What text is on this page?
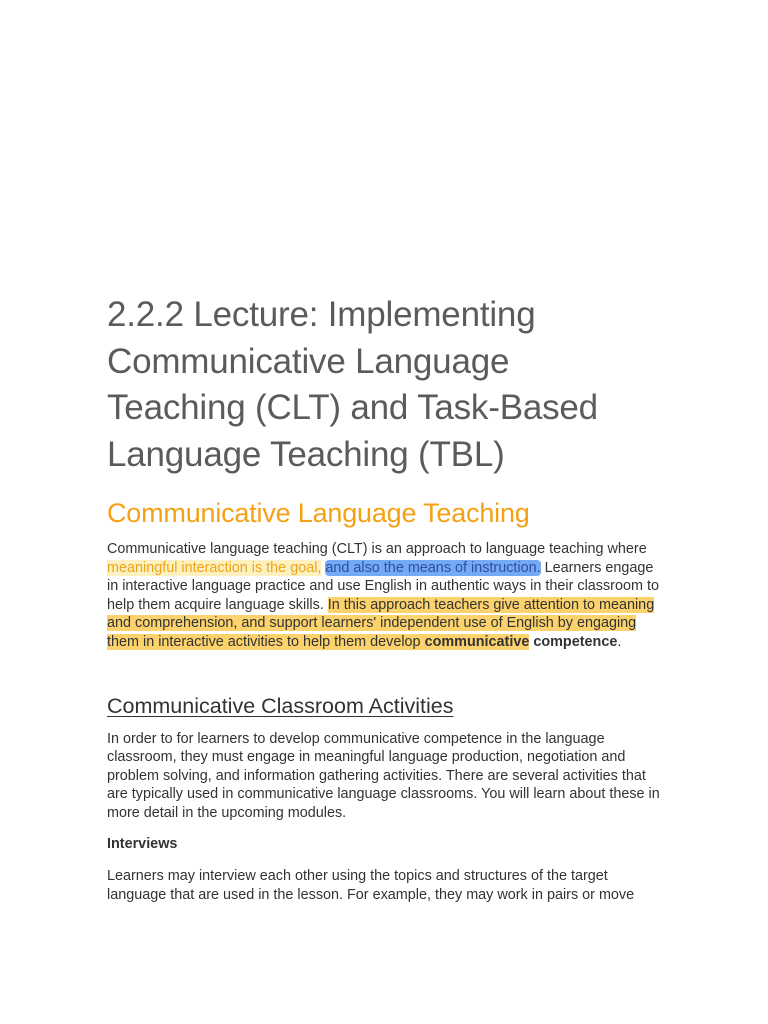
2.2.2 Lecture: Implementing
Communicative Language
Teaching (CLT) and Task-Based
Language Teaching (TBL)
Communicative Language Teaching

Communicative language teaching (CLT) is an approach to language teaching where meaningful interaction is the goal, and also the means of instruction. Learners engage in interactive language practice and use English in authentic ways in their classroom to help them acquire language skills. In this approach teachers give attention to meaning and comprehension, and support learners' independent use of English by engaging them in interactive activities to help them develop communicative competence.

Communicative Classroom Activities

In order to for learners to develop communicative competence in the language classroom, they must engage in meaningful language production, negotiation and problem solving, and information gathering activities. There are several activities that are typically used in communicative language classrooms. You will learn about these in more detail in the upcoming modules.

Interviews

Learners may interview each other using the topics and structures of the target language that are used in the lesson. For example, they may work in pairs or move
